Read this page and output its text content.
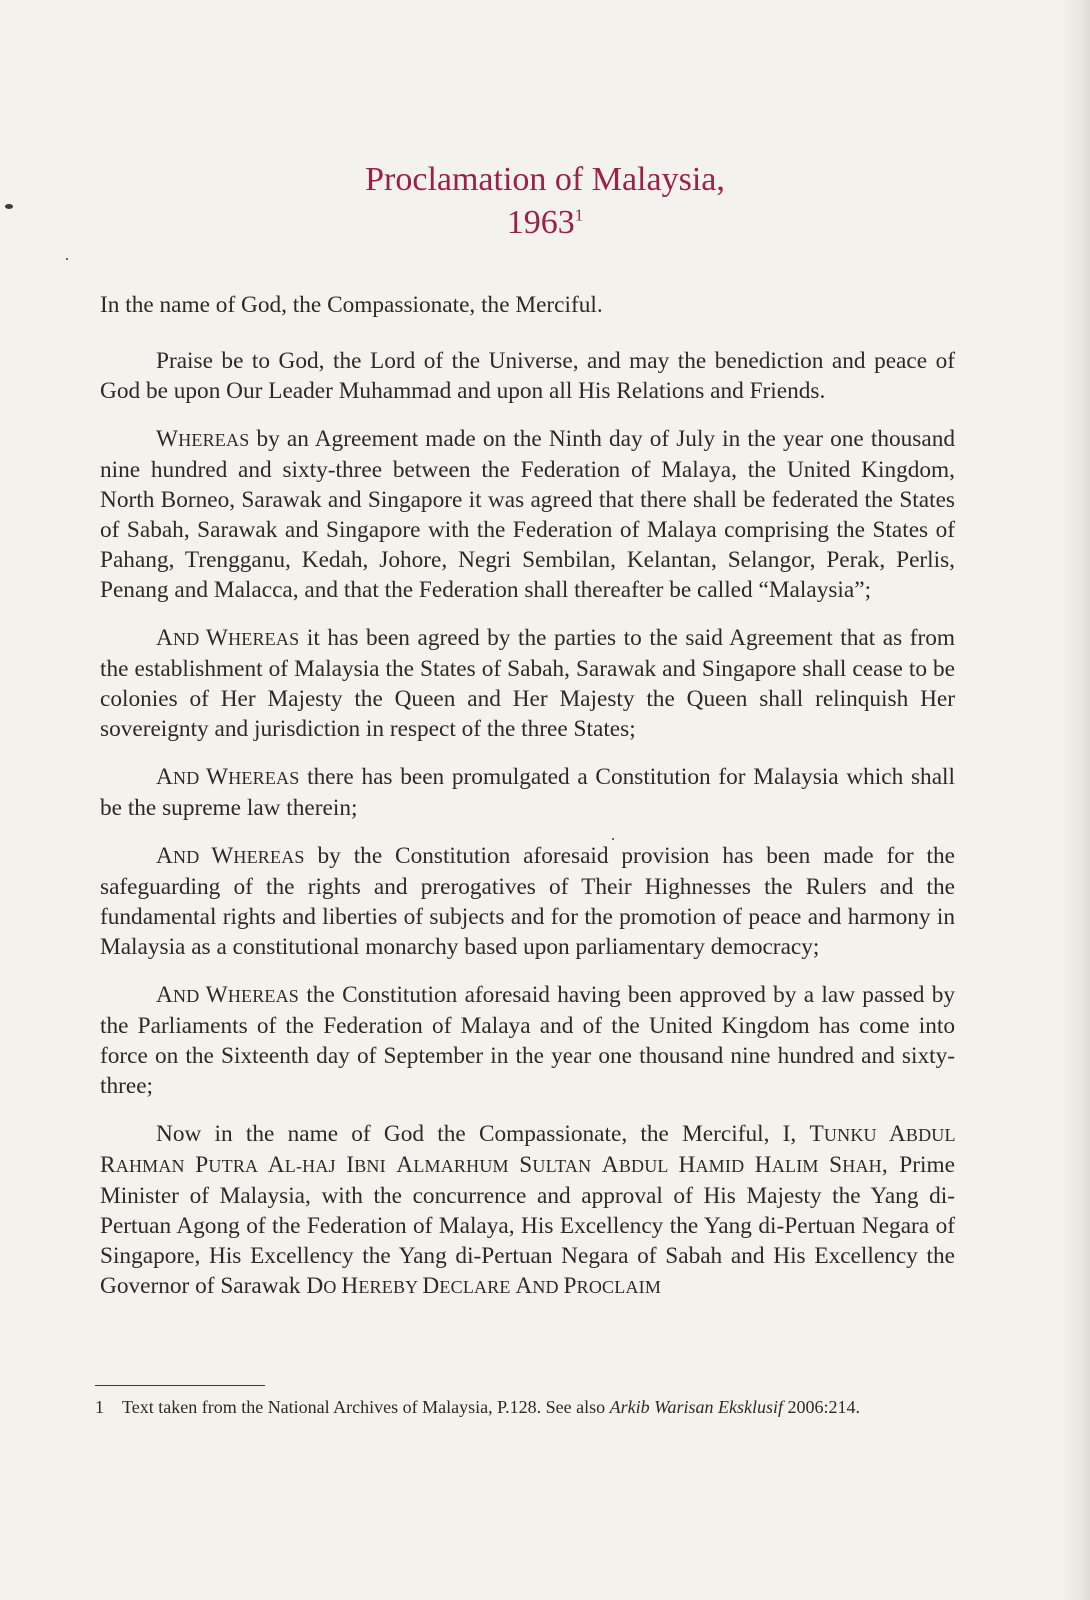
Proclamation of Malaysia,
1963$^1$

In the name of God, the Compassionate, the Merciful.

Praise be to God, the Lord of the Universe, and may the benediction and peace of God be upon Our Leader Muhammad and upon all His Relations and Friends.

WHEREAS by an Agreement made on the Ninth day of July in the year one thousand nine hundred and sixty-three between the Federation of Malaya, the United Kingdom, North Borneo, Sarawak and Singapore it was agreed that there shall be federated the States of Sabah, Sarawak and Singapore with the Federation of Malaya comprising the States of Pahang, Trengganu, Kedah, Johore, Negri Sembilan, Kelantan, Selangor, Perak, Perlis, Penang and Malacca, and that the Federation shall thereafter be called “Malaysia”;

AND WHEREAS it has been agreed by the parties to the said Agreement that as from the establishment of Malaysia the States of Sabah, Sarawak and Singapore shall cease to be colonies of Her Majesty the Queen and Her Majesty the Queen shall relinquish Her sovereignty and jurisdiction in respect of the three States;

AND WHEREAS there has been promulgated a Constitution for Malaysia which shall be the supreme law therein;

AND WHEREAS by the Constitution aforesaid provision has been made for the safeguarding of the rights and prerogatives of Their Highnesses the Rulers and the fundamental rights and liberties of subjects and for the promotion of peace and harmony in Malaysia as a constitutional monarchy based upon parliamentary democracy;

AND WHEREAS the Constitution aforesaid having been approved by a law passed by the Parliaments of the Federation of Malaya and of the United Kingdom has come into force on the Sixteenth day of September in the year one thousand nine hundred and sixty-three;

Now in the name of God the Compassionate, the Merciful, I, TUNKU ABDUL RAHMAN PUTRA AL-HAJ IBNI ALMARHUM SULTAN ABDUL HAMID HALIM SHAH, Prime Minister of Malaysia, with the concurrence and approval of His Majesty the Yang di-Pertuan Agong of the Federation of Malaya, His Excellency the Yang di-Pertuan Negara of Singapore, His Excellency the Yang di-Pertuan Negara of Sabah and His Excellency the Governor of Sarawak DO HEREBY DECLARE AND PROCLAIM

1 Text taken from the National Archives of Malaysia, P.128. See also Arkib Warisan Eksklusif 2006:214.
